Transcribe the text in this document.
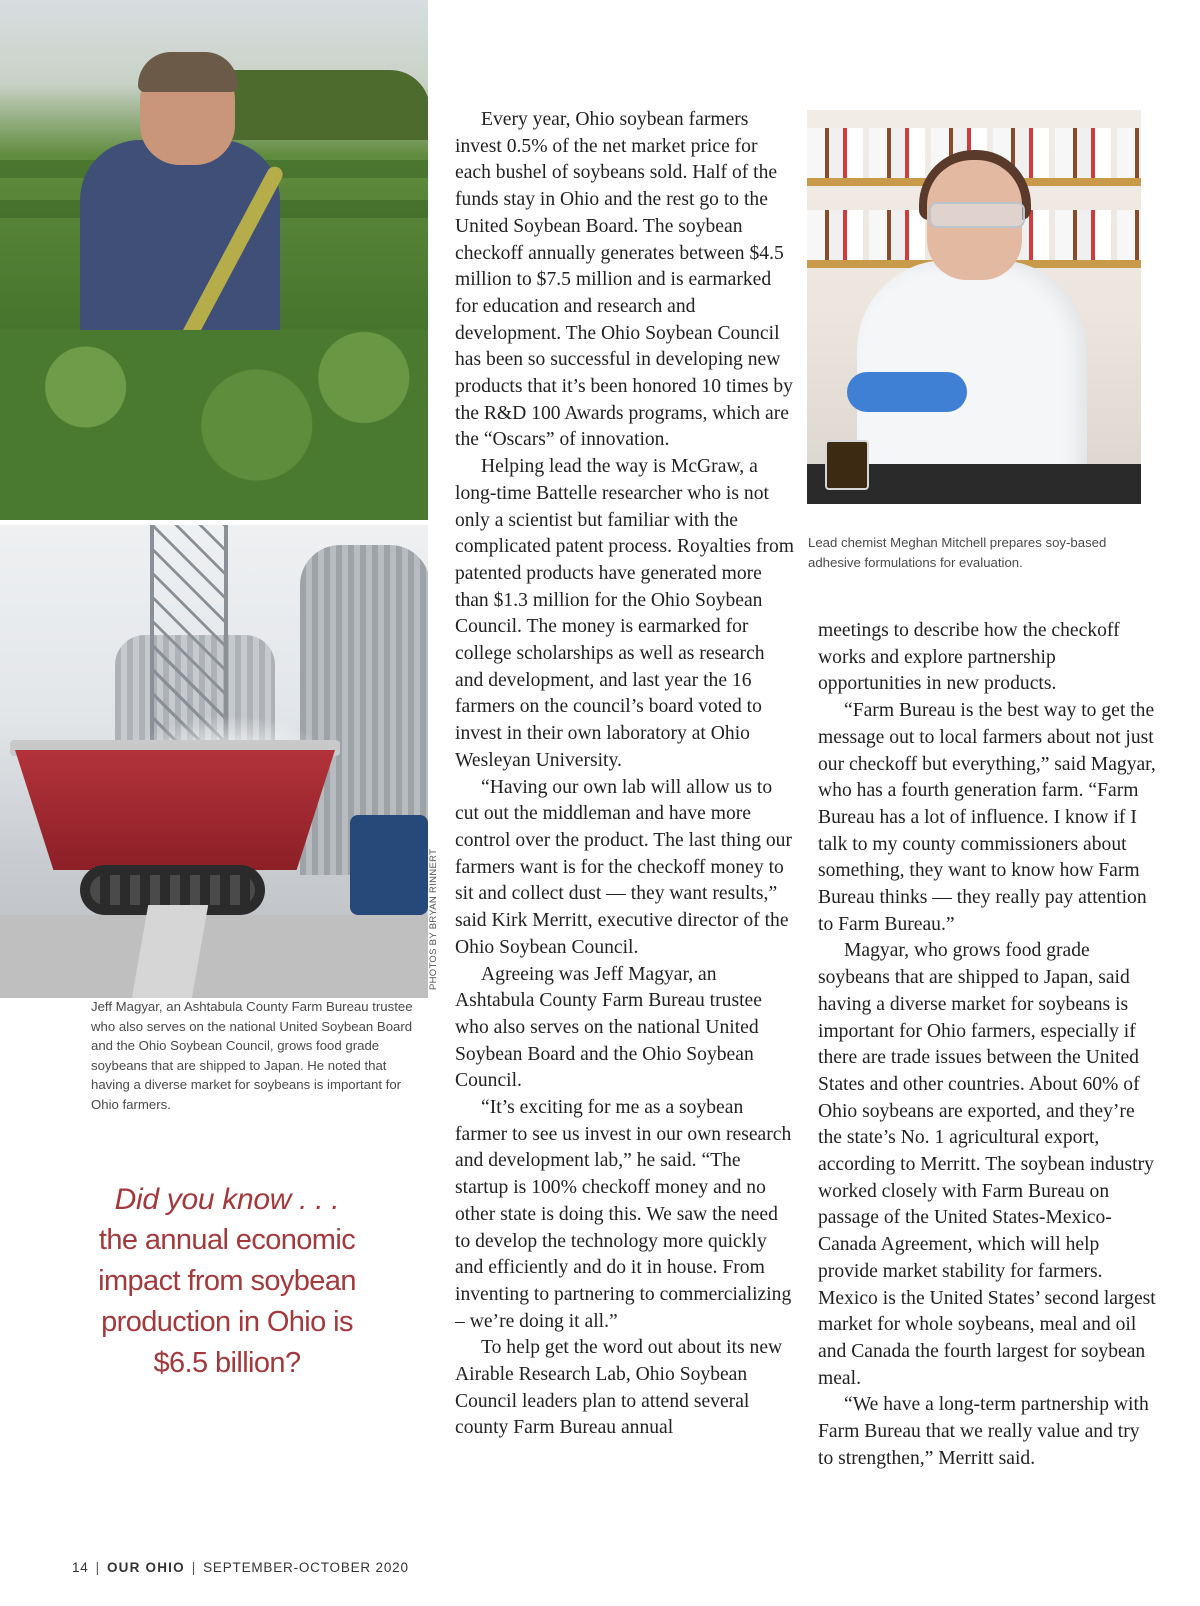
Jeff Magyar, an Ashtabula County Farm Bureau trustee who also serves on the national United Soybean Board and the Ohio Soybean Council, grows food grade soybeans that are shipped to Japan. He noted that having a diverse market for soybeans is important for Ohio farmers.
Lead chemist Meghan Mitchell prepares soy-based adhesive formulations for evaluation.
PHOTOS BY BRYAN RINNERT
Did you know . . .
the annual economic impact from soybean production in Ohio is $6.5 billion?

Every year, Ohio soybean farmers invest 0.5% of the net market price for each bushel of soybeans sold. Half of the funds stay in Ohio and the rest go to the United Soybean Board. The soybean checkoff annually generates between $4.5 million to $7.5 million and is earmarked for education and research and development. The Ohio Soybean Council has been so successful in developing new products that it’s been honored 10 times by the R&D 100 Awards programs, which are the “Oscars” of innovation.

Helping lead the way is McGraw, a long-time Battelle researcher who is not only a scientist but familiar with the complicated patent process. Royalties from patented products have generated more than $1.3 million for the Ohio Soybean Council. The money is earmarked for college scholarships as well as research and development, and last year the 16 farmers on the council’s board voted to invest in their own laboratory at Ohio Wesleyan University.

“Having our own lab will allow us to cut out the middleman and have more control over the product. The last thing our farmers want is for the checkoff money to sit and collect dust — they want results,” said Kirk Merritt, executive director of the Ohio Soybean Council.

Agreeing was Jeff Magyar, an Ashtabula County Farm Bureau trustee who also serves on the national United Soybean Board and the Ohio Soybean Council.

“It’s exciting for me as a soybean farmer to see us invest in our own research and development lab,” he said. “The startup is 100% checkoff money and no other state is doing this. We saw the need to develop the technology more quickly and efficiently and do it in house. From inventing to partnering to commercializing – we’re doing it all.”

To help get the word out about its new Airable Research Lab, Ohio Soybean Council leaders plan to attend several county Farm Bureau annual

meetings to describe how the checkoff works and explore partnership opportunities in new products.

“Farm Bureau is the best way to get the message out to local farmers about not just our checkoff but everything,” said Magyar, who has a fourth generation farm. “Farm Bureau has a lot of influence. I know if I talk to my county commissioners about something, they want to know how Farm Bureau thinks — they really pay attention to Farm Bureau.”

Magyar, who grows food grade soybeans that are shipped to Japan, said having a diverse market for soybeans is important for Ohio farmers, especially if there are trade issues between the United States and other countries. About 60% of Ohio soybeans are exported, and they’re the state’s No. 1 agricultural export, according to Merritt. The soybean industry worked closely with Farm Bureau on passage of the United States-Mexico-Canada Agreement, which will help provide market stability for farmers. Mexico is the United States’ second largest market for whole soybeans, meal and oil and Canada the fourth largest for soybean meal.

“We have a long-term partnership with Farm Bureau that we really value and try to strengthen,” Merritt said.

14 | OUR OHIO | SEPTEMBER-OCTOBER 2020
